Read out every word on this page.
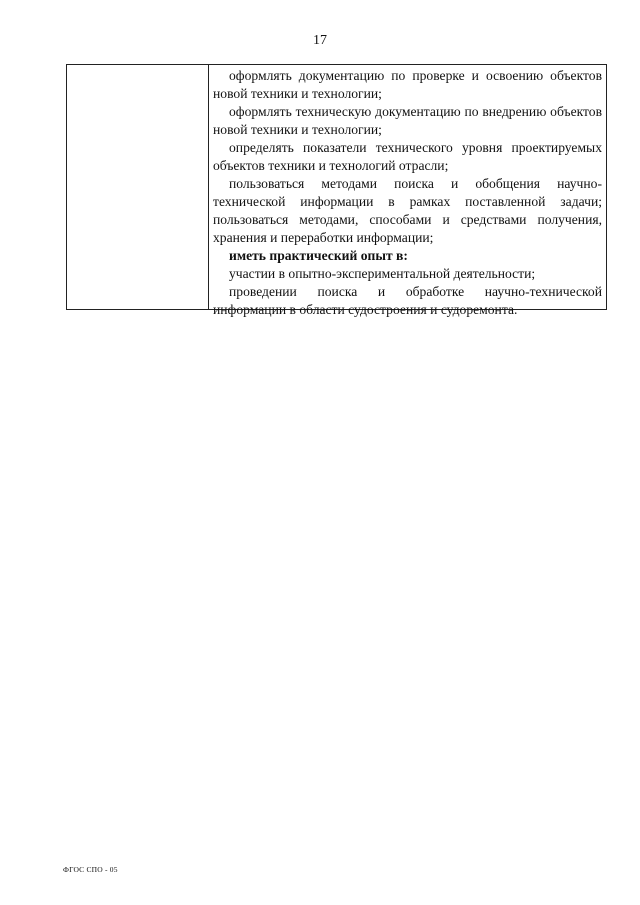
17

оформлять документацию по проверке и освоению объектов новой техники и технологии;

оформлять техническую документацию по внедрению объектов новой техники и технологии;

определять показатели технического уровня проектируемых объектов техники и технологий отрасли;

пользоваться методами поиска и обобщения научно-технической информации в рамках поставленной задачи; пользоваться методами, способами и средствами получения, хранения и переработки информации;

иметь практический опыт в:

участии в опытно-экспериментальной деятельности;

проведении поиска и обработке научно-технической информации в области судостроения и судоремонта.

ФГОС СПО - 05
